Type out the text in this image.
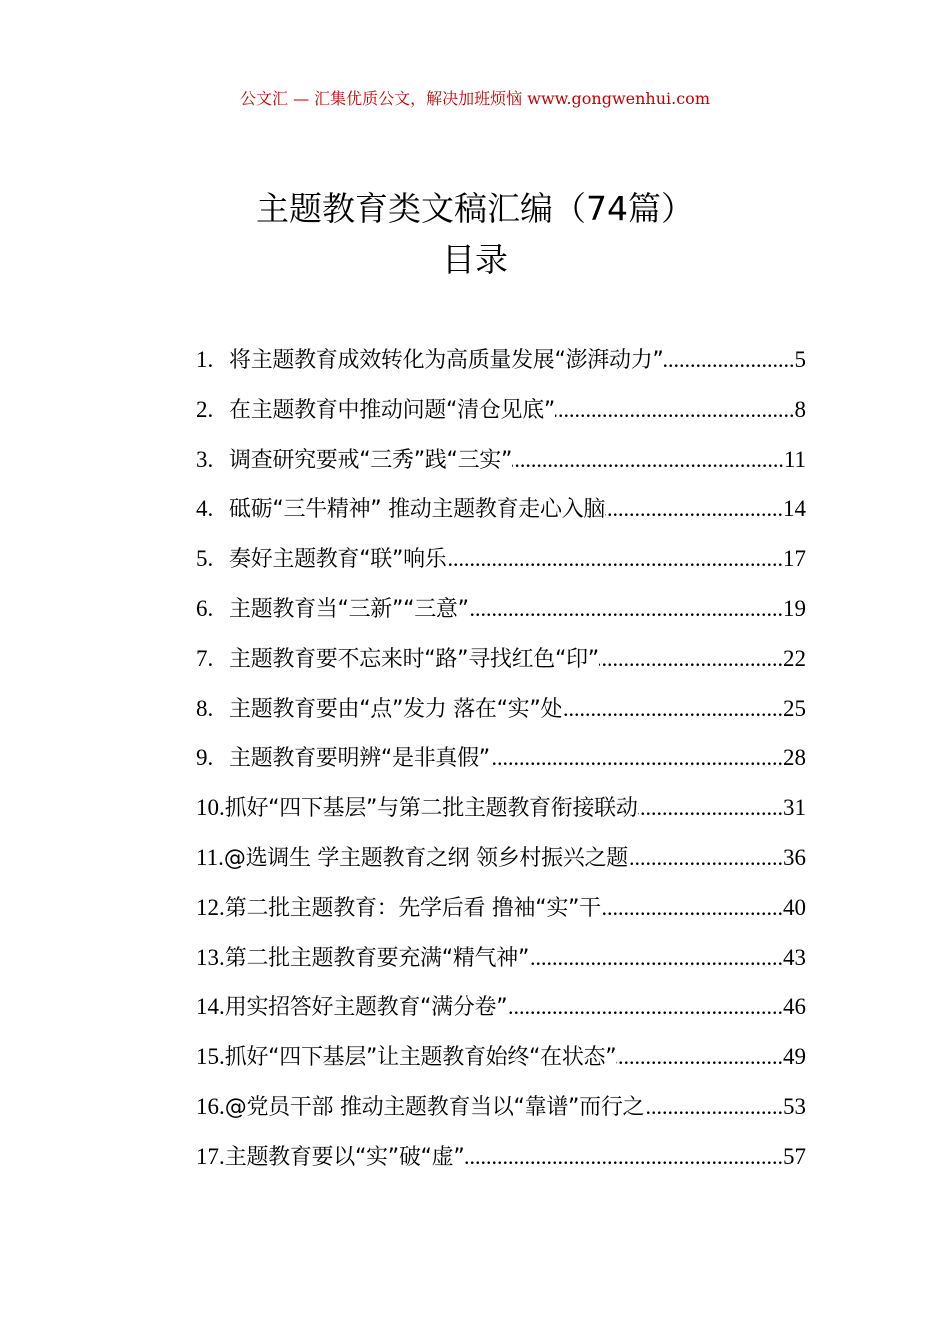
公文汇 — 汇集优质公文，解决加班烦恼 www.gongwenhui.com
主题教育类文稿汇编（74篇）
目录
1. 将主题教育成效转化为高质量发展“澎湃动力” .....	5
2. 在主题教育中推动问题“清仓见底” .....	8
3. 调查研究要戒“三秀”践“三实” .....	11
4. 砥砺“三牛精神” 推动主题教育走心入脑 .....	14
5. 奏好主题教育“联”响乐 .....	17
6. 主题教育当“三新”“三意” .....	19
7. 主题教育要不忘来时“路”寻找红色“印” .....	22
8. 主题教育要由“点”发力 落在“实”处 .....	25
9. 主题教育要明辨“是非真假” .....	28
10. 抓好“四下基层”与第二批主题教育衔接联动 .....	31
11. @选调生 学主题教育之纲 领乡村振兴之题 .....	36
12. 第二批主题教育：先学后看 撸袖“实”干 .....	40
13. 第二批主题教育要充满“精气神” .....	43
14. 用实招答好主题教育“满分卷” .....	46
15. 抓好“四下基层”让主题教育始终“在状态” .....	49
16. @党员干部 推动主题教育当以“靠谱”而行之 .....	53
17. 主题教育要以“实”破“虚” .....	57
